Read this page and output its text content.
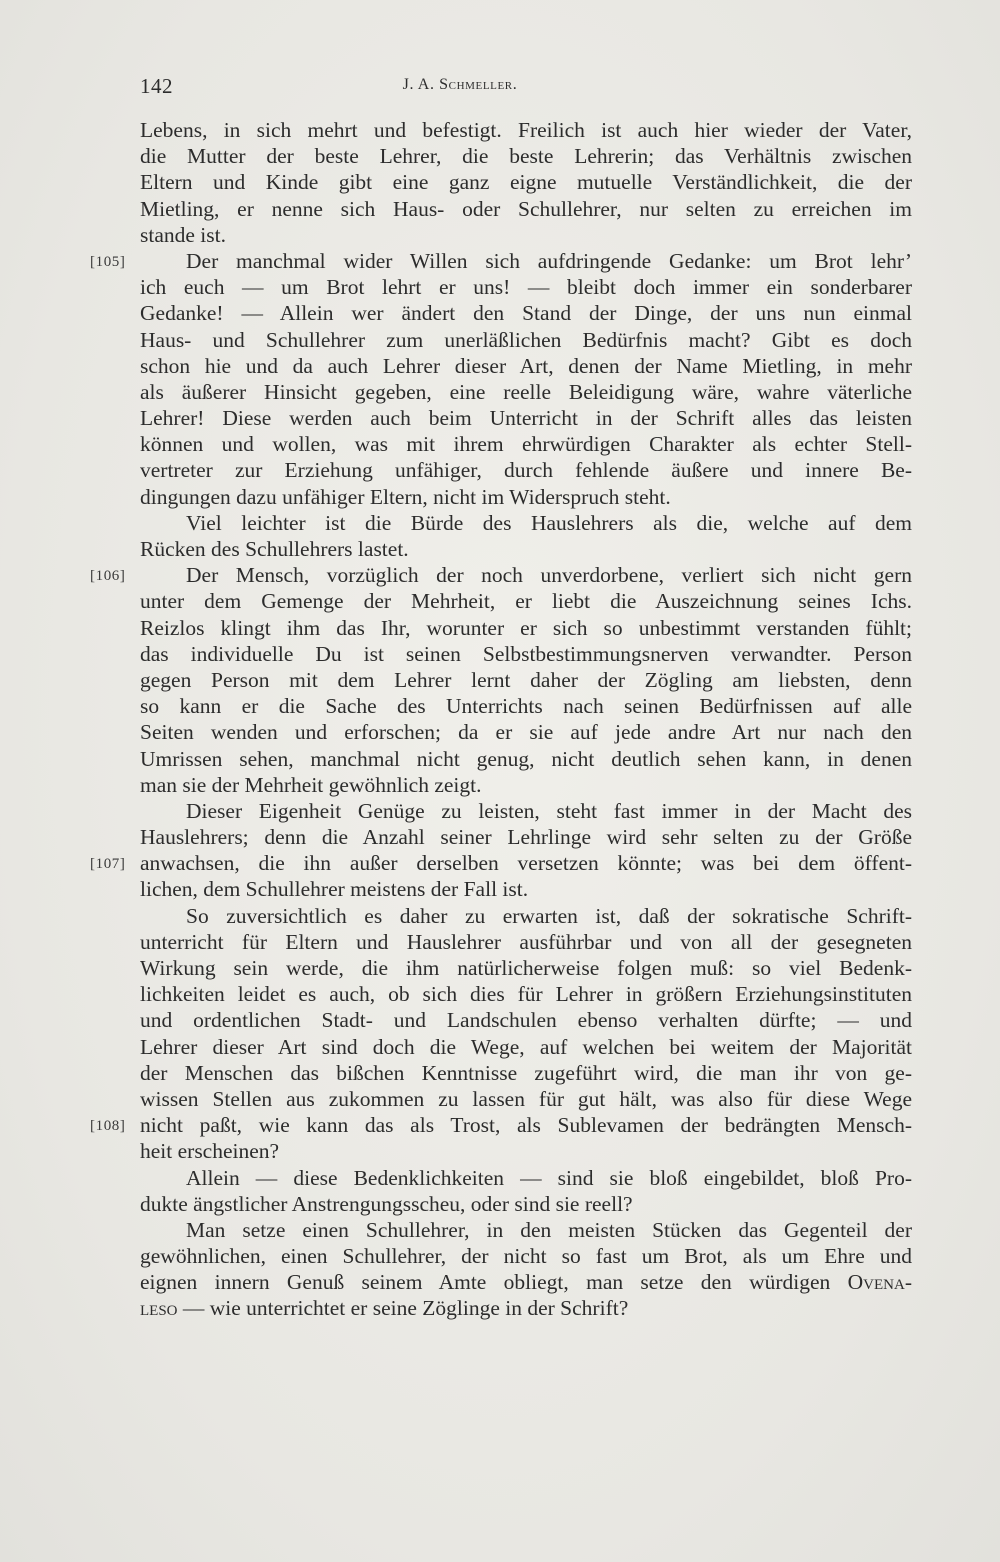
142	J. A. Schmeller.
Lebens, in sich mehrt und befestigt. Freilich ist auch hier wieder der Vater,
die Mutter der beste Lehrer, die beste Lehrerin; das Verhältnis zwischen
Eltern und Kinde gibt eine ganz eigne mutuelle Verständlichkeit, die der
Mietling, er nenne sich Haus- oder Schullehrer, nur selten zu erreichen im
stande ist.
[105]	Der manchmal wider Willen sich aufdringende Gedanke: um Brot lehr’
ich euch — um Brot lehrt er uns! — bleibt doch immer ein sonderbarer
Gedanke! — Allein wer ändert den Stand der Dinge, der uns nun einmal
Haus- und Schullehrer zum unerläßlichen Bedürfnis macht? Gibt es doch
schon hie und da auch Lehrer dieser Art, denen der Name Mietling, in mehr
als äußerer Hinsicht gegeben, eine reelle Beleidigung wäre, wahre väterliche
Lehrer! Diese werden auch beim Unterricht in der Schrift alles das leisten
können und wollen, was mit ihrem ehrwürdigen Charakter als echter Stell-
vertreter zur Erziehung unfähiger, durch fehlende äußere und innere Be-
dingungen dazu unfähiger Eltern, nicht im Widerspruch steht.
Viel leichter ist die Bürde des Hauslehrers als die, welche auf dem
Rücken des Schullehrers lastet.
[106]	Der Mensch, vorzüglich der noch unverdorbene, verliert sich nicht gern
unter dem Gemenge der Mehrheit, er liebt die Auszeichnung seines Ichs.
Reizlos klingt ihm das Ihr, worunter er sich so unbestimmt verstanden fühlt;
das individuelle Du ist seinen Selbstbestimmungsnerven verwandter. Person
gegen Person mit dem Lehrer lernt daher der Zögling am liebsten, denn
so kann er die Sache des Unterrichts nach seinen Bedürfnissen auf alle
Seiten wenden und erforschen; da er sie auf jede andre Art nur nach den
Umrissen sehen, manchmal nicht genug, nicht deutlich sehen kann, in denen
man sie der Mehrheit gewöhnlich zeigt.
Dieser Eigenheit Genüge zu leisten, steht fast immer in der Macht des
Hauslehrers; denn die Anzahl seiner Lehrlinge wird sehr selten zu der Größe
[107] anwachsen, die ihn außer derselben versetzen könnte; was bei dem öffent-
lichen, dem Schullehrer meistens der Fall ist.
So zuversichtlich es daher zu erwarten ist, daß der sokratische Schrift-
unterricht für Eltern und Hauslehrer ausführbar und von all der gesegneten
Wirkung sein werde, die ihm natürlicherweise folgen muß: so viel Bedenk-
lichkeiten leidet es auch, ob sich dies für Lehrer in größern Erziehungsinstituten
und ordentlichen Stadt- und Landschulen ebenso verhalten dürfte; — und
Lehrer dieser Art sind doch die Wege, auf welchen bei weitem der Majorität
der Menschen das bißchen Kenntnisse zugeführt wird, die man ihr von ge-
wissen Stellen aus zukommen zu lassen für gut hält, was also für diese Wege
[108] nicht paßt, wie kann das als Trost, als Sublevamen der bedrängten Mensch-
heit erscheinen?
Allein — diese Bedenklichkeiten — sind sie bloß eingebildet, bloß Pro-
dukte ängstlicher Anstrengungsscheu, oder sind sie reell?
Man setze einen Schullehrer, in den meisten Stücken das Gegenteil der
gewöhnlichen, einen Schullehrer, der nicht so fast um Brot, als um Ehre und
eignen innern Genuß seinem Amte obliegt, man setze den würdigen Ovena-
leso — wie unterrichtet er seine Zöglinge in der Schrift?
